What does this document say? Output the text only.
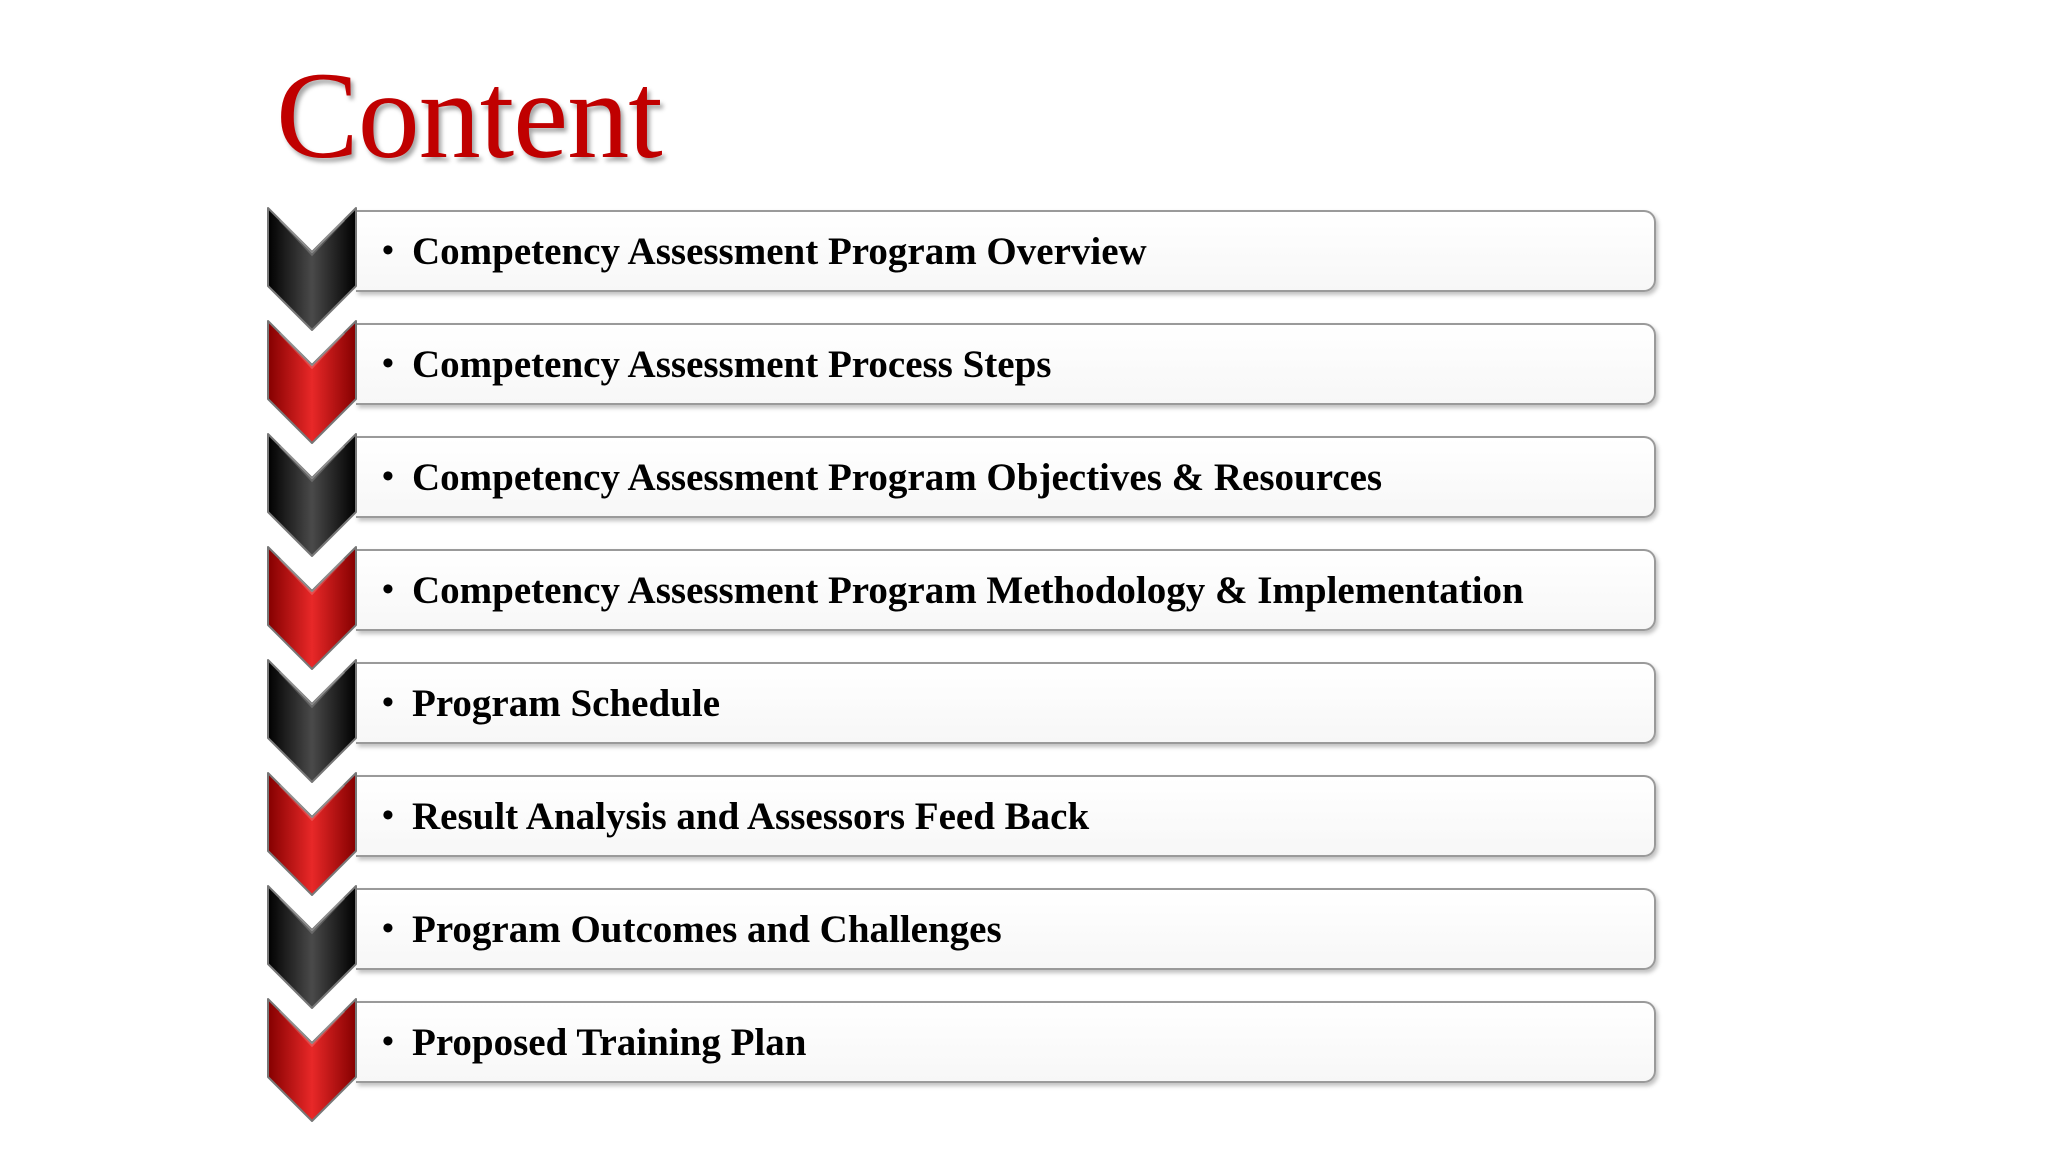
Content
• Competency Assessment Program Overview
• Competency Assessment Process Steps
• Competency Assessment Program Objectives & Resources
• Competency Assessment Program Methodology & Implementation
• Program Schedule
• Result Analysis and Assessors Feed Back
• Program Outcomes and Challenges
• Proposed Training Plan
